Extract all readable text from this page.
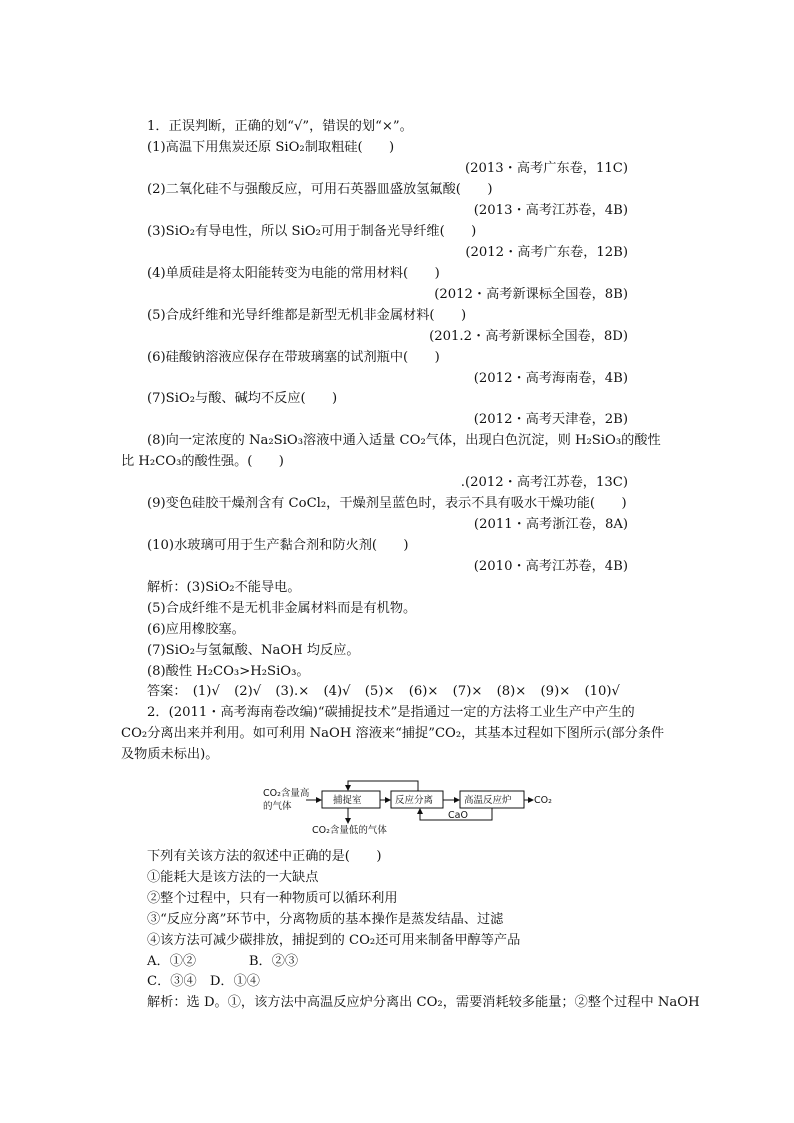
1．正误判断，正确的划“√”，错误的划“×”。
(1)高温下用焦炭还原 SiO₂制取粗硅(　　)
(2013・高考广东卷，11C)
(2)二氧化硅不与强酸反应，可用石英器皿盛放氢氟酸(　　)
(2013・高考江苏卷，4B)
(3)SiO₂有导电性，所以 SiO₂可用于制备光导纤维(　　)
(2012・高考广东卷，12B)
(4)单质硅是将太阳能转变为电能的常用材料(　　)
(2012・高考新课标全国卷，8B)
(5)合成纤维和光导纤维都是新型无机非金属材料(　　)
(201.2・高考新课标全国卷，8D)
(6)硅酸钠溶液应保存在带玻璃塞的试剂瓶中(　　)
(2012・高考海南卷，4B)
(7)SiO₂与酸、碱均不反应(　　)
(2012・高考天津卷，2B)
(8)向一定浓度的 Na₂SiO₃溶液中通入适量 CO₂气体，出现白色沉淀，则 H₂SiO₃的酸性
比 H₂CO₃的酸性强。(　　)
.(2012・高考江苏卷，13C)
(9)变色硅胶干燥剂含有 CoCl₂，干燥剂呈蓝色时，表示不具有吸水干燥功能(　　)
(2011・高考浙江卷，8A)
(10)水玻璃可用于生产黏合剂和防火剂(　　)
(2010・高考江苏卷，4B)
解析：(3)SiO₂不能导电。
(5)合成纤维不是无机非金属材料而是有机物。
(6)应用橡胶塞。
(7)SiO₂与氢氟酸、NaOH 均反应。
(8)酸性 H₂CO₃>H₂SiO₃。
答案： (1)√ (2)√ (3).× (4)√ (5)× (6)× (7)× (8)× (9)× (10)√
2．(2011・高考海南卷改编)“碳捕捉技术”是指通过一定的方法将工业生产中产生的
CO₂分离出来并利用。如可利用 NaOH 溶液来“捕捉”CO₂，其基本过程如下图所示(部分条件
及物质未标出)。
CO₂含量高
的气体
捕捉室	反应分离	高温反应炉 CO₂
CaO
CO₂含量低的气体
下列有关该方法的叙述中正确的是(　　)
①能耗大是该方法的一大缺点
②整个过程中，只有一种物质可以循环利用
③“反应分离”环节中，分离物质的基本操作是蒸发结晶、过滤
④该方法可减少碳排放，捕捉到的 CO₂还可用来制备甲醇等产品
A．①②　　　　B．②③
C．③④　D．①④
解析：选 D。①，该方法中高温反应炉分离出 CO₂，需要消耗较多能量；②整个过程中 NaOH
